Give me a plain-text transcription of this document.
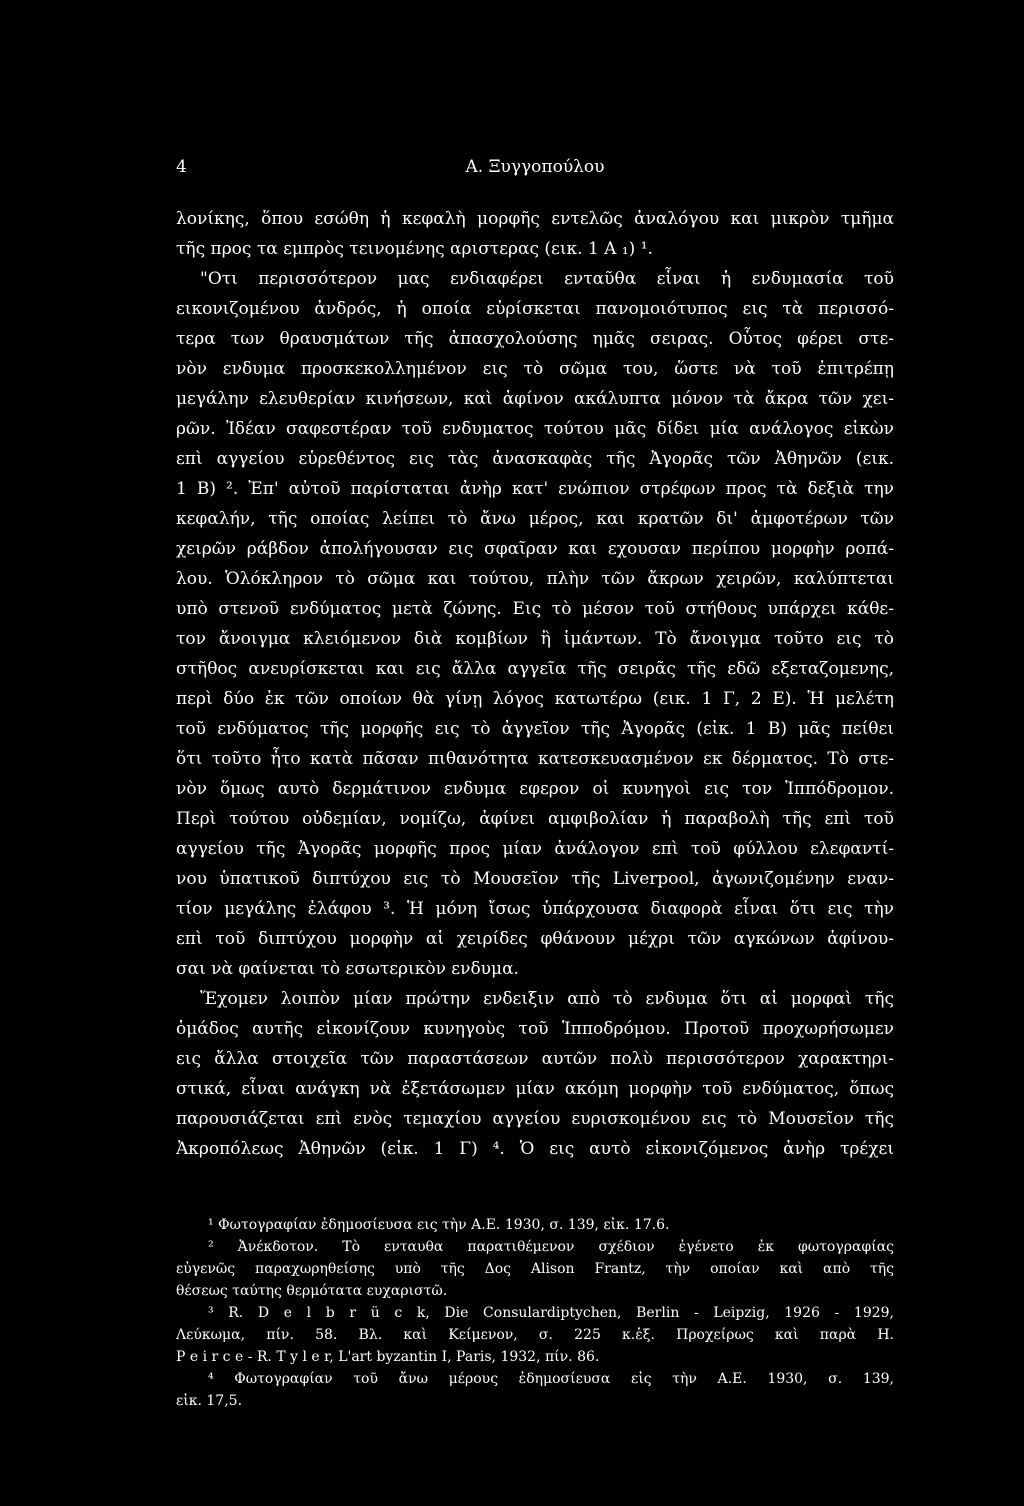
4	Α. Ξυγγοπούλου
λονίκης, ὅπου εσώθη ἡ κεφαλὴ μορφῆς εντελῶς ἀναλόγου και μικρὸν τμῆμα
τῆς προς τα εμπρὸς τεινομένης αριστερας (εικ. 1 Α ₁) ¹.
"Οτι περισσότερον μας ενδιαφέρει ενταῦθα εἶναι ἡ ενδυμασία τοῦ
εικονιζομένου ἀνδρός, ἡ οποία εὑρίσκεται πανομοιότυπος εις τὰ περισσό-
τερα των θραυσμάτων τῆς ἀπασχολούσης ημᾶς σειρας. Οὗτος φέρει στε-
νὸν ενδυμα προσκεκολλημένον εις τὸ σῶμα του, ὥστε νὰ τοῦ ἐπιτρέπῃ
μεγάλην ελευθερίαν κινήσεων, καὶ ἀφίνον ακάλυπτα μόνον τὰ ἄκρα τῶν χει-
ρῶν. Ἰδέαν σαφεστέραν τοῦ ενδυματος τούτου μᾶς δίδει μία ανάλογος εἰκὼν
επὶ αγγείου εὑρεθέντος εις τὰς ἀνασκαφὰς τῆς Ἀγορᾶς τῶν Ἀθηνῶν (εικ.
1 Β) ². Ἐπ' αὐτοῦ παρίσταται ἀνὴρ κατ' ενώπιον στρέφων προς τὰ δεξιὰ την
κεφαλήν, τῆς οποίας λείπει τὸ ἄνω μέρος, και κρατῶν δι' ἀμφοτέρων τῶν
χειρῶν ράβδον ἀπολήγουσαν εις σφαῖραν και εχουσαν περίπου μορφὴν ροπά-
λου. Ὁλόκληρον τὸ σῶμα και τούτου, πλὴν τῶν ἄκρων χειρῶν, καλύπτεται
υπὸ στενοῦ ενδύματος μετὰ ζώνης. Εις τὸ μέσον τοῦ στήθους υπάρχει κάθε-
τον ἄνοιγμα κλειόμενον διὰ κομβίων ἢ ἱμάντων. Τὸ ἄνοιγμα τοῦτο εις τὸ
στῆθος ανευρίσκεται και εις ἄλλα αγγεῖα τῆς σειρᾶς τῆς εδῶ εξεταζομενης,
περὶ δύο ἐκ τῶν οποίων θὰ γίνῃ λόγος κατωτέρω (εικ. 1 Γ, 2 Ε). Ἡ μελέτη
τοῦ ενδύματος τῆς μορφῆς εις τὸ ἀγγεῖον τῆς Ἀγορᾶς (εἰκ. 1 Β) μᾶς πείθει
ὅτι τοῦτο ἦτο κατὰ πᾶσαν πιθανότητα κατεσκευασμένον εκ δέρματος. Τὸ στε-
νὸν ὅμως αυτὸ δερμάτινον ενδυμα εφερον οἱ κυνηγοὶ εις τον Ἱππόδρομον.
Περὶ τούτου οὐδεμίαν, νομίζω, ἀφίνει αμφιβολίαν ἡ παραβολὴ τῆς επὶ τοῦ
αγγείου τῆς Ἀγορᾶς μορφῆς προς μίαν ἀνάλογον επὶ τοῦ φύλλου ελεφαντί-
νου ὑπατικοῦ διπτύχου εις τὸ Μουσεῖον τῆς Liverpool, ἀγωνιζομένην εναν-
τίον μεγάλης ἐλάφου ³. Ἡ μόνη ἴσως ὑπάρχουσα διαφορὰ εἶναι ὅτι εις τὴν
επὶ τοῦ διπτύχου μορφὴν αἱ χειρίδες φθάνουν μέχρι τῶν αγκώνων ἀφίνου-
σαι νὰ φαίνεται τὸ εσωτερικὸν ενδυμα.
Ἔχομεν λοιπὸν μίαν πρώτην ενδειξιν απὸ τὸ ενδυμα ὅτι αἱ μορφαὶ τῆς
ὁμάδος αυτῆς εἰκονίζουν κυνηγοὺς τοῦ Ἱπποδρόμου. Προτοῦ προχωρήσωμεν
εις ἄλλα στοιχεῖα τῶν παραστάσεων αυτῶν πολὺ περισσότερον χαρακτηρι-
στικά, εἶναι ανάγκη νὰ ἐξετάσωμεν μίαν ακόμη μορφὴν τοῦ ενδύματος, ὅπως
παρουσιάζεται επὶ ενὸς τεμαχίου αγγείου ευρισκομένου εις τὸ Μουσεῖον τῆς
Ἀκροπόλεως Ἀθηνῶν (εἰκ. 1 Γ) ⁴. Ὁ εις αυτὸ εἰκονιζόμενος ἀνὴρ τρέχει
¹ Φωτογραφίαν ἐδημοσίευσα εις τὴν Α.Ε. 1930, σ. 139, εἰκ. 17.6.
² Ἀνέκδοτον. Τὸ ενταυθα παρατιθέμενον σχέδιον ἐγένετο ἐκ φωτογραφίας
εὐγενῶς παραχωρηθείσης υπὸ τῆς Δος Alison Frantz, τὴν οποίαν καὶ απὸ τῆς
θέσεως ταύτης θερμότατα ευχαριστῶ.
³ R. D e l b r ü c k, Die Consulardiptychen, Berlin - Leipzig, 1926 - 1929,
Λεύκωμα, πίν. 58. Βλ. καὶ Κείμενον, σ. 225 κ.ἑξ. Προχείρως καὶ παρὰ Η.
P e i r c e - R. T y l e r, L'art byzantin I, Paris, 1932, πίν. 86.
⁴ Φωτογραφίαν τοῦ ἄνω μέρους ἐδημοσίευσα εἰς τὴν Α.Ε. 1930, σ. 139,
εἰκ. 17,5.
